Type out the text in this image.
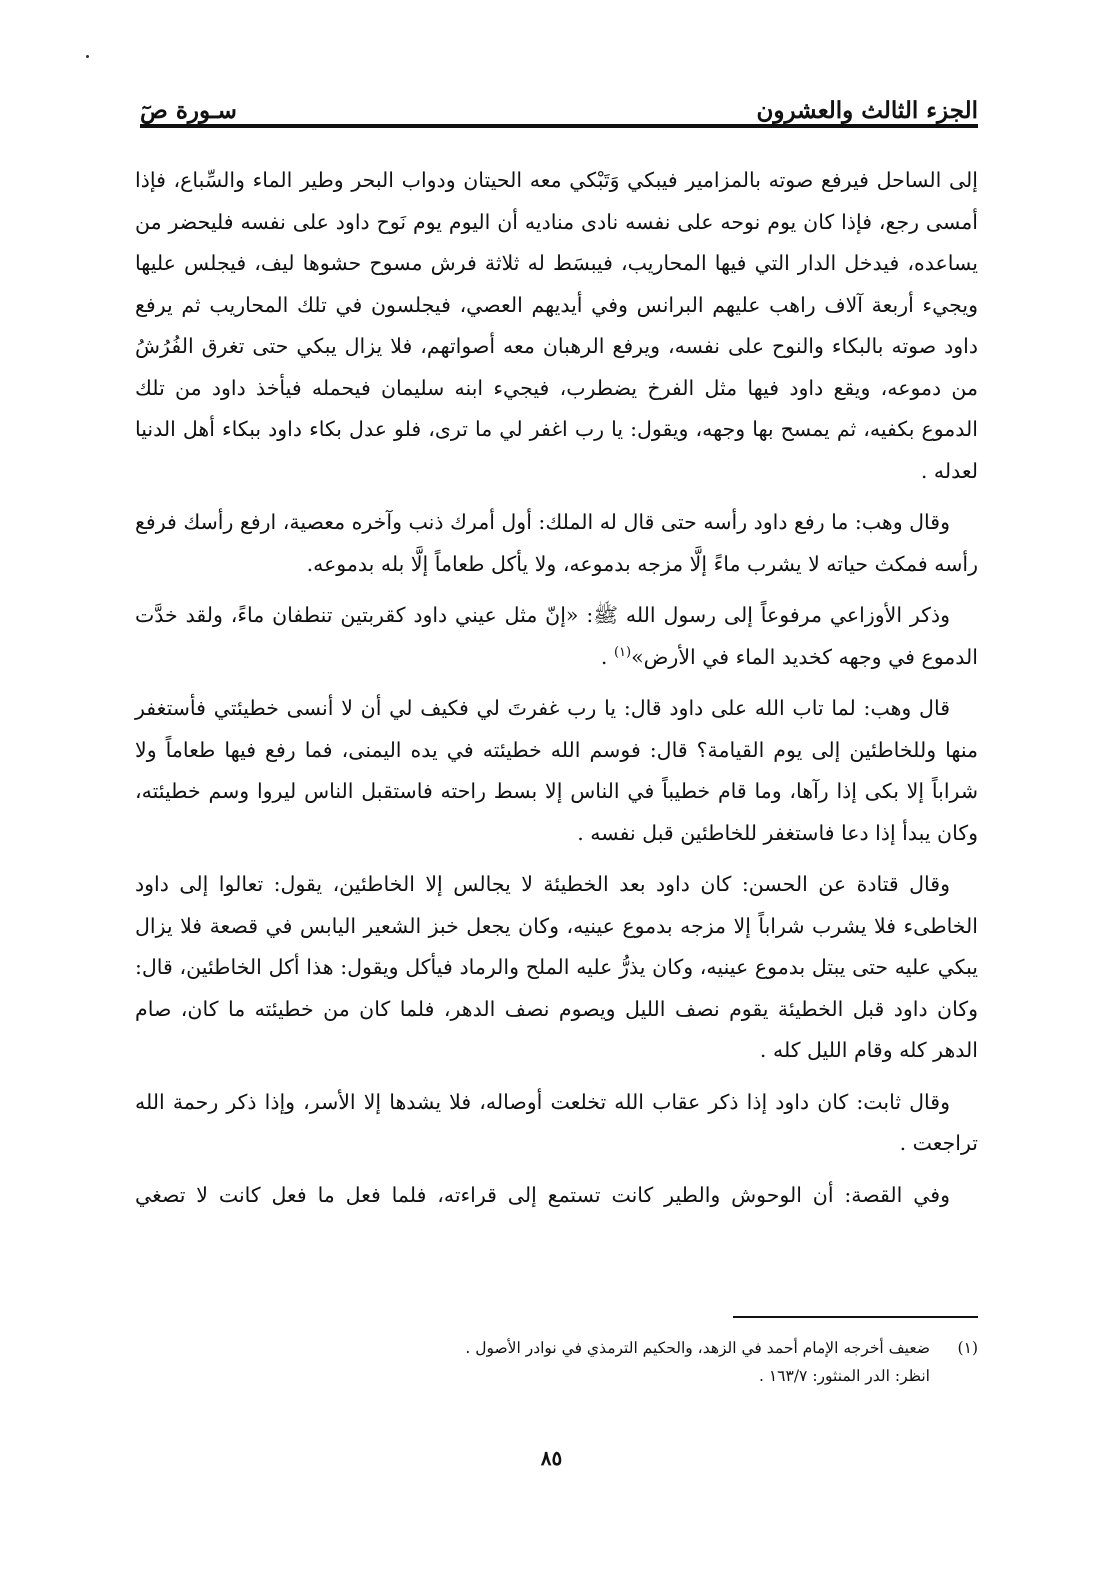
الجزء الثالث والعشرون
سـورة صٓ

إلى الساحل فيرفع صوته بالمزامير فيبكي وَتَبْكي معه الحيتان ودواب البحر وطير الماء والسِّباع، فإذا أمسى رجع، فإذا كان يوم نوحه على نفسه نادى مناديه أن اليوم يوم نَوح داود على نفسه فليحضر من يساعده، فيدخل الدار التي فيها المحاريب، فيبسَط له ثلاثة فرش مسوح حشوها ليف، فيجلس عليها ويجيء أربعة آلاف راهب عليهم البرانس وفي أيديهم العصي، فيجلسون في تلك المحاريب ثم يرفع داود صوته بالبكاء والنوح على نفسه، ويرفع الرهبان معه أصواتهم، فلا يزال يبكي حتى تغرق الفُرُشُ من دموعه، ويقع داود فيها مثل الفرخ يضطرب، فيجيء ابنه سليمان فيحمله فيأخذ داود من تلك الدموع بكفيه، ثم يمسح بها وجهه، ويقول: يا رب اغفر لي ما ترى، فلو عدل بكاء داود ببكاء أهل الدنيا لعدله .

وقال وهب: ما رفع داود رأسه حتى قال له الملك: أول أمرك ذنب وآخره معصية، ارفع رأسك فرفع رأسه فمكث حياته لا يشرب ماءً إلَّا مزجه بدموعه، ولا يأكل طعاماً إلَّا بله بدموعه.

وذكر الأوزاعي مرفوعاً إلى رسول الله ﷺ: «إنّ مثل عيني داود كقربتين تنطفان ماءً، ولقد خدَّت الدموع في وجهه كخديد الماء في الأرض»$^{(١)}$ .

قال وهب: لما تاب الله على داود قال: يا رب غفرتَ لي فكيف لي أن لا أنسى خطيئتي فأستغفر منها وللخاطئين إلى يوم القيامة؟ قال: فوسم الله خطيئته في يده اليمنى، فما رفع فيها طعاماً ولا شراباً إلا بكى إذا رآها، وما قام خطيباً في الناس إلا بسط راحته فاستقبل الناس ليروا وسم خطيئته، وكان يبدأ إذا دعا فاستغفر للخاطئين قبل نفسه .

وقال قتادة عن الحسن: كان داود بعد الخطيئة لا يجالس إلا الخاطئين، يقول: تعالوا إلى داود الخاطىء فلا يشرب شراباً إلا مزجه بدموع عينيه، وكان يجعل خبز الشعير اليابس في قصعة فلا يزال يبكي عليه حتى يبتل بدموع عينيه، وكان يذرُّ عليه الملح والرماد فيأكل ويقول: هذا أكل الخاطئين، قال: وكان داود قبل الخطيئة يقوم نصف الليل ويصوم نصف الدهر، فلما كان من خطيئته ما كان، صام الدهر كله وقام الليل كله .

وقال ثابت: كان داود إذا ذكر عقاب الله تخلعت أوصاله، فلا يشدها إلا الأسر، وإذا ذكر رحمة الله تراجعت .

وفي القصة: أن الوحوش والطير كانت تستمع إلى قراءته، فلما فعل ما فعل كانت لا تصغي

(١)
ضعيف أخرجه الإمام أحمد في الزهد، والحكيم الترمذي في نوادر الأصول .
انظر: الدر المنثور: ١٦٣/٧ .
٨٥
